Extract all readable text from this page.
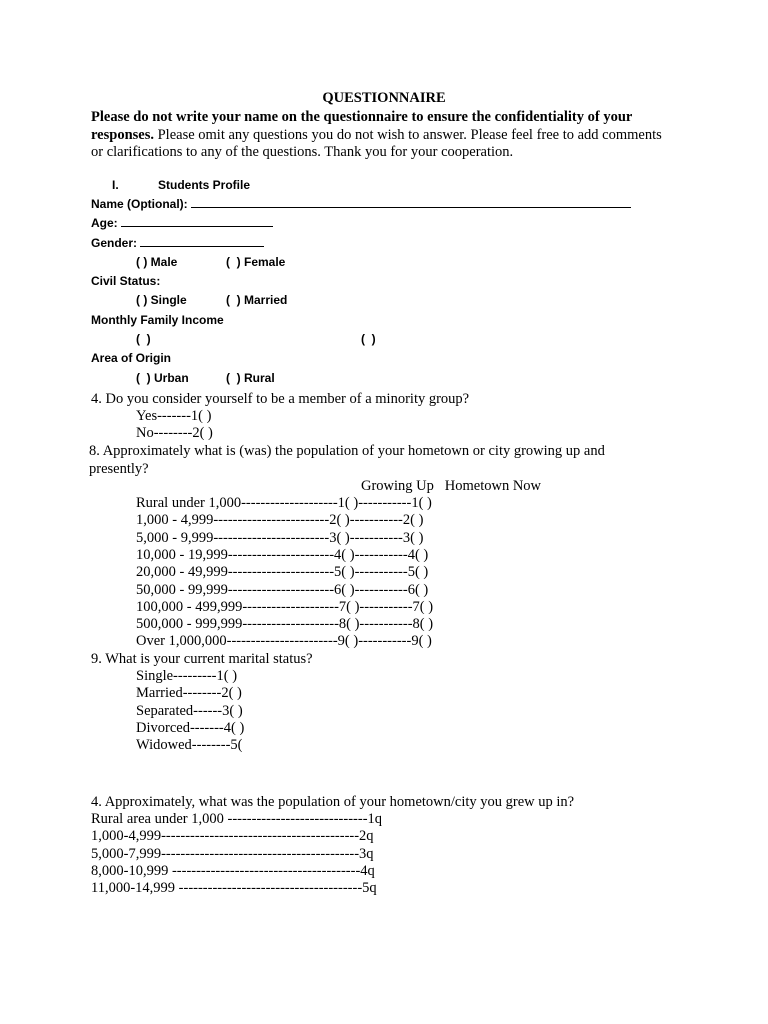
QUESTIONNAIRE
Please do not write your name on the questionnaire to ensure the confidentiality of your responses. Please omit any questions you do not wish to answer. Please feel free to add comments or clarifications to any of the questions. Thank you for your cooperation.
I.	Students Profile
Name (Optional):
Age:
Gender:
( ) Male	(  ) Female
Civil Status:
( ) Single	(  ) Married
Monthly Family Income
(  )	(  )
Area of Origin
(  ) Urban	(  ) Rural
4. Do you consider yourself to be a member of a minority group?
Yes-------1( )
No--------2( )
8. Approximately what is (was) the population of your hometown or city growing up and presently?
Growing Up   Hometown Now
Rural under 1,000--------------------1( )-----------1( )
1,000 - 4,999------------------------2( )-----------2( )
5,000 - 9,999------------------------3( )-----------3( )
10,000 - 19,999----------------------4( )-----------4( )
20,000 - 49,999----------------------5( )-----------5( )
50,000 - 99,999----------------------6( )-----------6( )
100,000 - 499,999--------------------7( )-----------7( )
500,000 - 999,999--------------------8( )-----------8( )
Over 1,000,000-----------------------9( )-----------9( )
9. What is your current marital status?
Single---------1( )
Married--------2( )
Separated------3( )
Divorced-------4( )
Widowed--------5(
4. Approximately, what was the population of your hometown/city you grew up in?
Rural area under 1,000 -----------------------------1q
1,000-4,999-----------------------------------------2q
5,000-7,999-----------------------------------------3q
8,000-10,999 ---------------------------------------4q
11,000-14,999 --------------------------------------5q
